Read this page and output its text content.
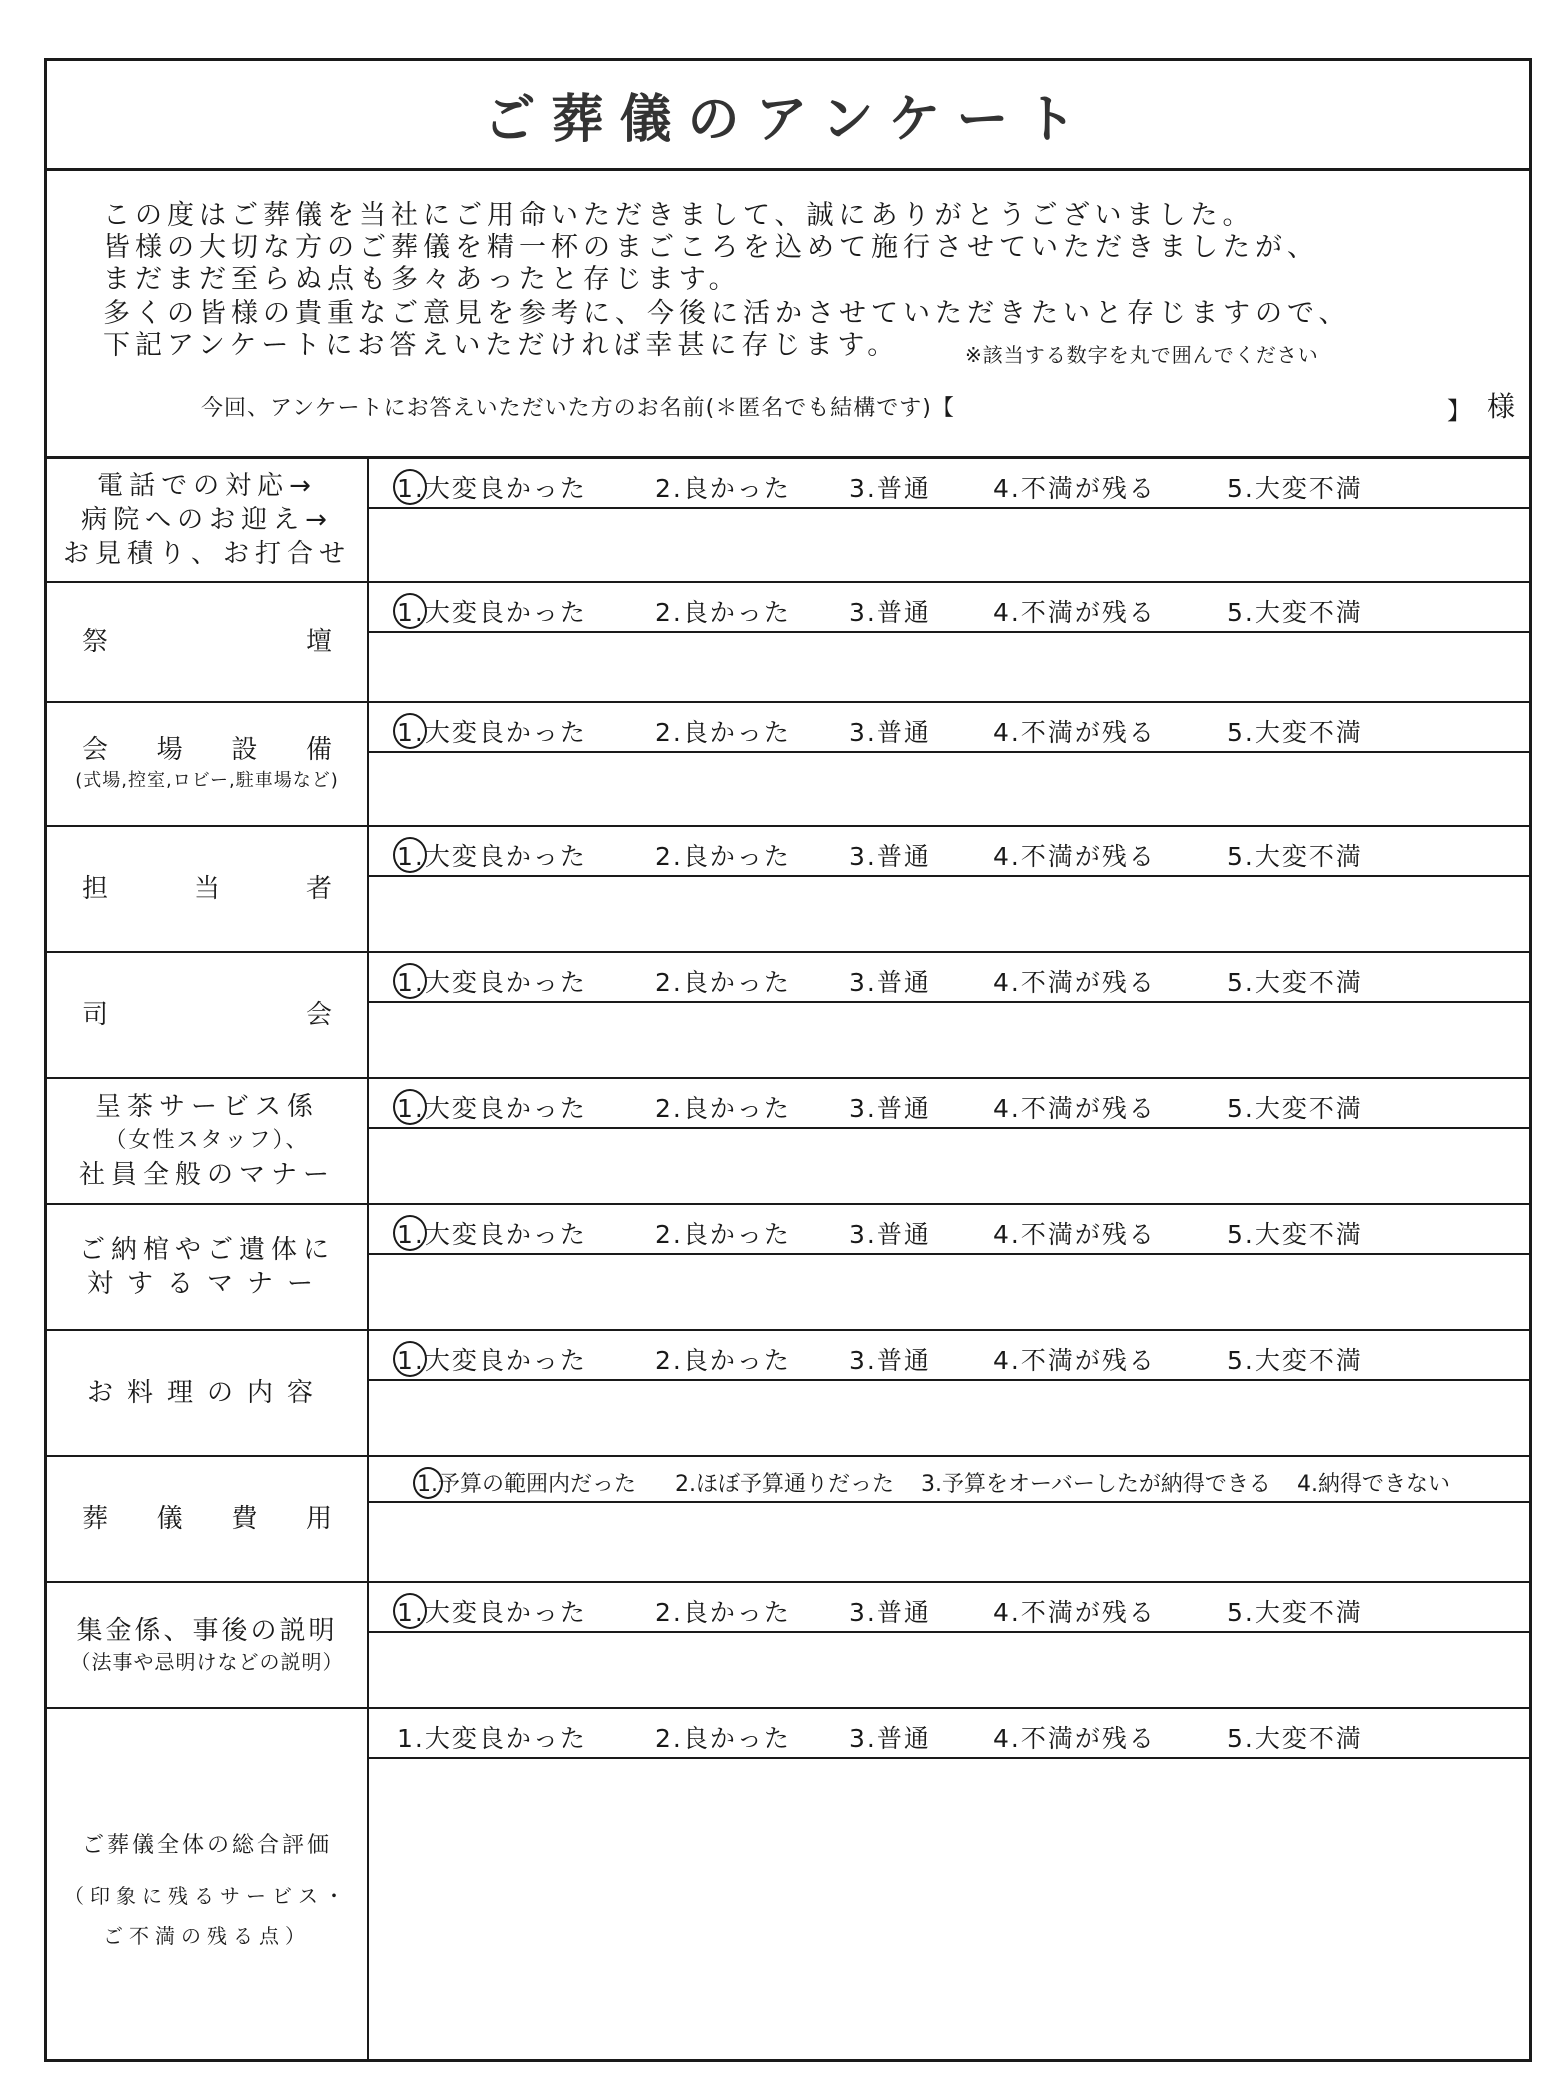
ご葬儀のアンケート
この度はご葬儀を当社にご用命いただきまして、誠にありがとうございました。
皆様の大切な方のご葬儀を精一杯のまごころを込めて施行させていただきましたが、
まだまだ至らぬ点も多々あったと存じます。
多くの皆様の貴重なご意見を参考に、今後に活かさせていただきたいと存じますので、
下記アンケートにお答えいただければ幸甚に存じます。	※該当する数字を丸で囲んでください
今回、アンケートにお答えいただいた方のお名前(＊匿名でも結構です)【	】 様
電話での対応→
病院へのお迎え→
お見積り、お打合せ
1.大変良かった	2.良かった 3.普通 4.不満が残る	5.大変不満
祭	壇
1.大変良かった	2.良かった 3.普通 4.不満が残る	5.大変不満
会 場 設 備
(式場,控室,ロビー,駐車場など)
1.大変良かった	2.良かった 3.普通 4.不満が残る	5.大変不満
担	当	者
1.大変良かった	2.良かった 3.普通 4.不満が残る	5.大変不満
司	会
1.大変良かった	2.良かった 3.普通 4.不満が残る	5.大変不満
呈茶サービス係
（女性スタッフ）、
社員全般のマナー
1.大変良かった	2.良かった 3.普通 4.不満が残る	5.大変不満
ご納棺やご遺体に
対するマナー
1.大変良かった	2.良かった 3.普通 4.不満が残る	5.大変不満
お料理の内容
1.大変良かった	2.良かった 3.普通 4.不満が残る	5.大変不満
葬 儀 費 用
1.予算の範囲内だった 2.ほぼ予算通りだった 3.予算をオーバーしたが納得できる 4.納得できない
集金係、事後の説明
（法事や忌明けなどの説明）
1.大変良かった	2.良かった 3.普通 4.不満が残る	5.大変不満
ご葬儀全体の総合評価
（印象に残るサービス・
ご不満の残る点）
1.大変良かった	2.良かった 3.普通 4.不満が残る	5.大変不満
